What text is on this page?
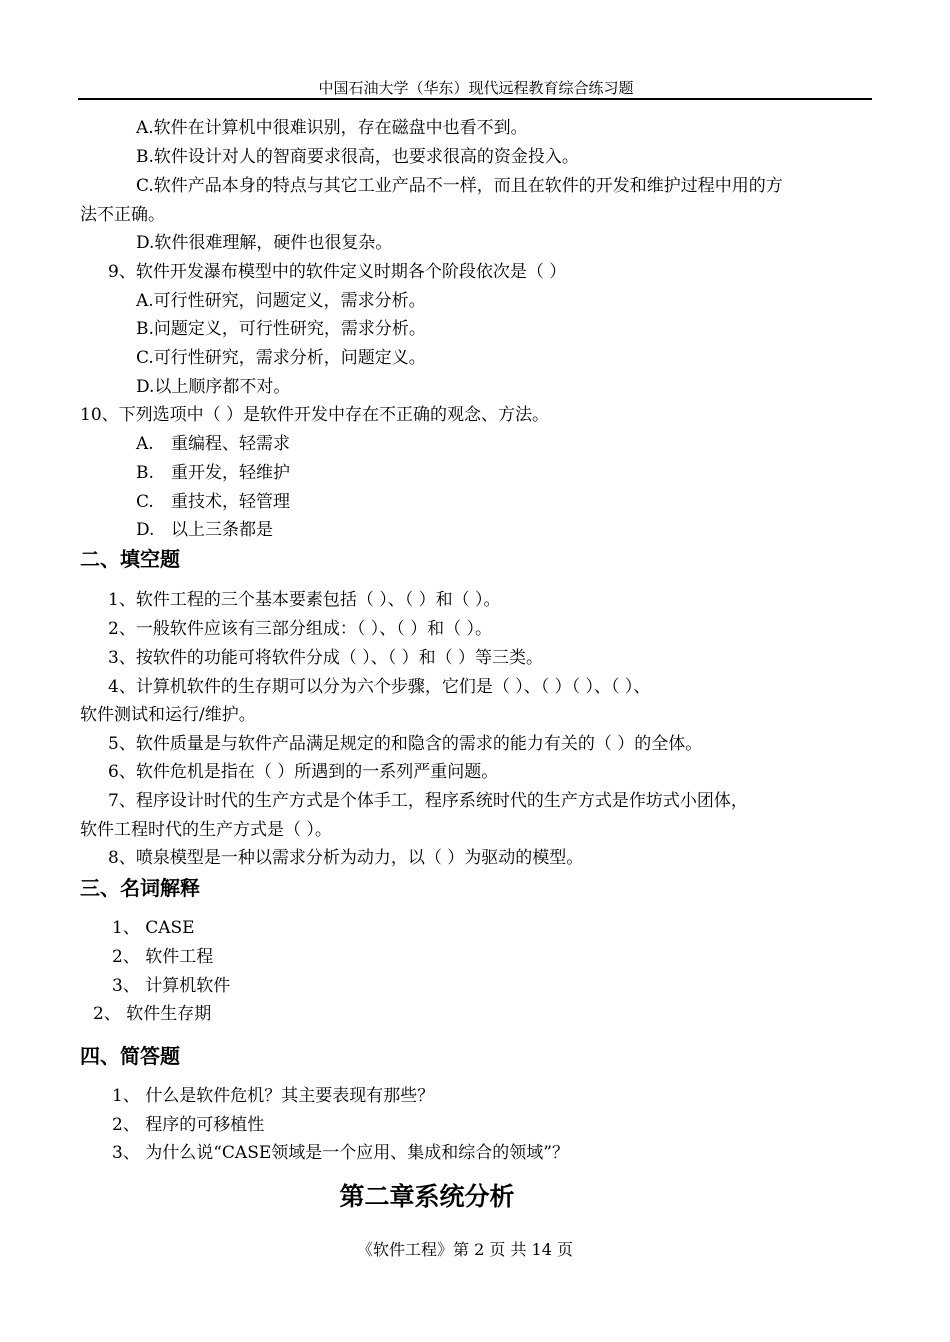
中国石油大学（华东）现代远程教育综合练习题
A.软件在计算机中很难识别，存在磁盘中也看不到。
B.软件设计对人的智商要求很高，也要求很高的资金投入。
C.软件产品本身的特点与其它工业产品不一样，而且在软件的开发和维护过程中用的方
法不正确。
D.软件很难理解，硬件也很复杂。
9、软件开发瀑布模型中的软件定义时期各个阶段依次是（ ）
A.可行性研究，问题定义，需求分析。
B.问题定义，可行性研究，需求分析。
C.可行性研究，需求分析，问题定义。
D.以上顺序都不对。
10、下列选项中（ ）是软件开发中存在不正确的观念、方法。
A. 重编程、轻需求
B. 重开发，轻维护
C. 重技术，轻管理
D. 以上三条都是
二、填空题
1、软件工程的三个基本要素包括（ ）、（ ）和（ ）。
2、一般软件应该有三部分组成：（ ）、（ ）和（ ）。
3、按软件的功能可将软件分成（ ）、（ ）和（ ）等三类。
4、计算机软件的生存期可以分为六个步骤，它们是（ ）、（ ）（ ）、（ ）、
软件测试和运行/维护。
5、软件质量是与软件产品满足规定的和隐含的需求的能力有关的（ ）的全体。
6、软件危机是指在（ ）所遇到的一系列严重问题。
7、程序设计时代的生产方式是个体手工，程序系统时代的生产方式是作坊式小团体，
软件工程时代的生产方式是（ ）。
8、喷泉模型是一种以需求分析为动力，以（ ）为驱动的模型。
三、名词解释
1、 CASE
2、 软件工程
3、 计算机软件
2、 软件生存期
四、简答题
1、 什么是软件危机？其主要表现有那些？
2、 程序的可移植性
3、 为什么说“CASE领域是一个应用、集成和综合的领域”？
第二章系统分析
《软件工程》第 2 页 共 14 页
